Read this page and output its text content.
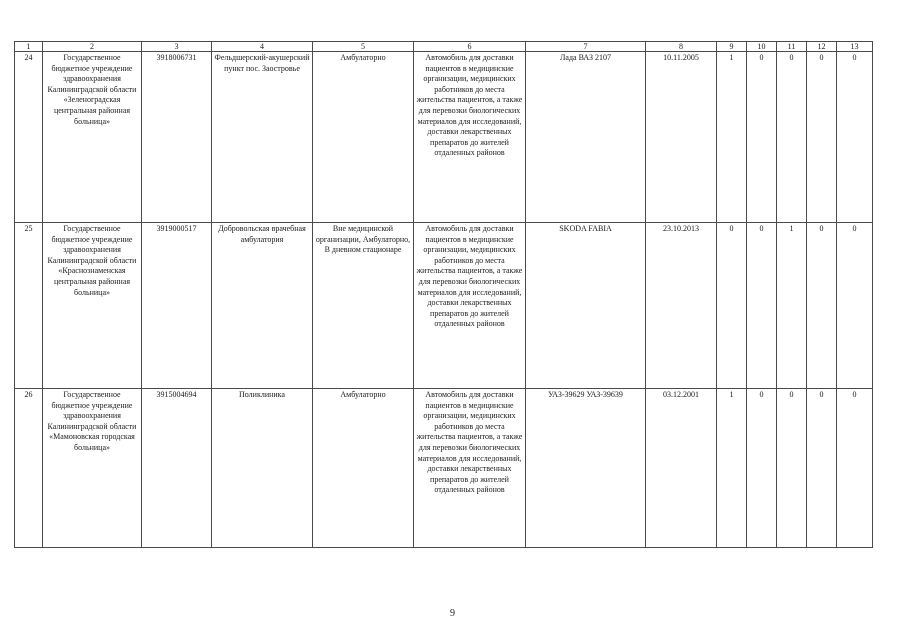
1	2	3	4	5	6	7	8	9	10	11	12	13
24	Государственное бюджетное учреждение здравоохранения Калининградской области «Зеленоградская центральная районная больница»	3918006731	Фельдшерский-акушерский пункт пос. Заостровье	Амбулаторно	Автомобиль для доставки пациентов в медицинские организации, медицинских работников до места жительства пациентов, а также для перевозки биологических материалов для исследований, доставки лекарственных препаратов до жителей отдаленных районов	Лада ВАЗ 2107	10.11.2005	1	0	0	0	0
25	Государственное бюджетное учреждение здравоохранения Калининградской области «Краснознаменская центральная районная больница»	3919000517	Добровольская врачебная амбулатория	Вне медицинской организации, Амбулаторно, В дневном стационаре	Автомобиль для доставки пациентов в медицинские организации, медицинских работников до места жительства пациентов, а также для перевозки биологических материалов для исследований, доставки лекарственных препаратов до жителей отдаленных районов	SKODA FABIA	23.10.2013	0	0	1	0	0
26	Государственное бюджетное учреждение здравоохранения Калининградской области «Мамоновская городская больница»	3915004694	Поликлиника	Амбулаторно	Автомобиль для доставки пациентов в медицинские организации, медицинских работников до места жительства пациентов, а также для перевозки биологических материалов для исследований, доставки лекарственных препаратов до жителей отдаленных районов	УАЗ-39629 УАЗ-39639	03.12.2001	1	0	0	0	0
9
